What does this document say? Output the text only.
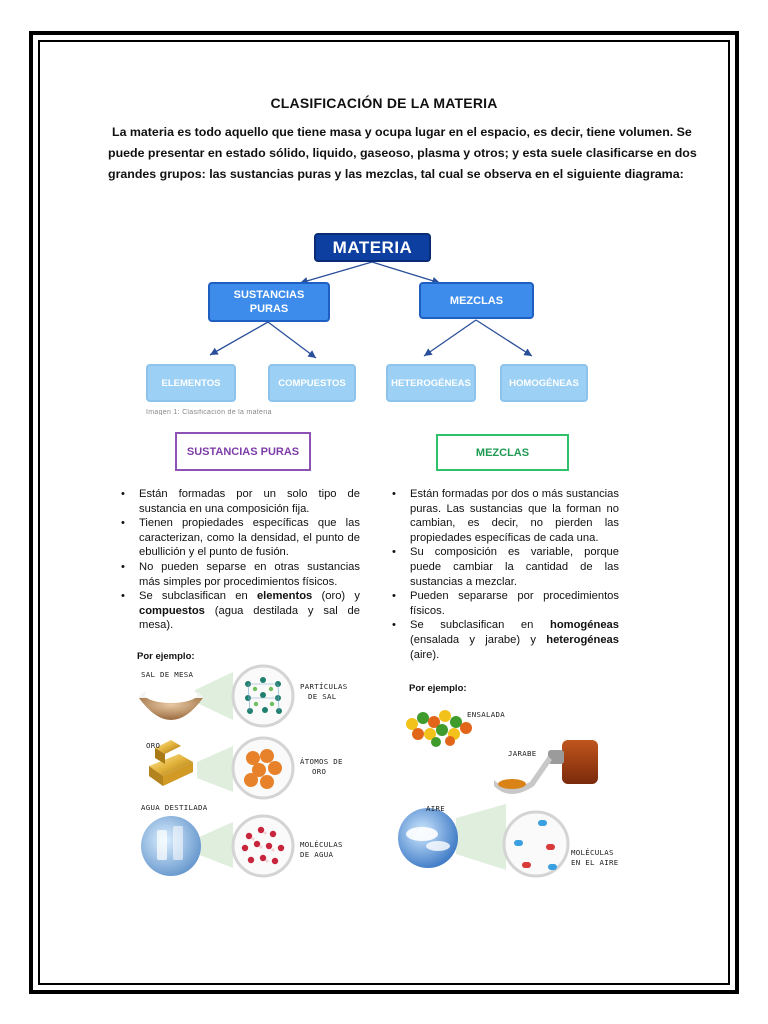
CLASIFICACIÓN DE LA MATERIA
La materia es todo aquello que tiene masa y ocupa lugar en el espacio, es decir, tiene volumen. Se
puede presentar en estado sólido, liquido, gaseoso, plasma y otros; y esta suele clasificarse en dos
grandes grupos: las sustancias puras y las mezclas, tal cual se observa en el siguiente diagrama:
MATERIA
SUSTANCIAS
PURAS
MEZCLAS
ELEMENTOS	COMPUESTOS	HETEROGÉNEAS	HOMOGÉNEAS
Imagen 1: Clasificación de la materia
SUSTANCIAS PURAS	MEZCLAS
• Están formadas por un solo tipo de sustancia en una composición fija.
• Tienen propiedades específicas que las caracterizan, como la densidad, el punto de ebullición y el punto de fusión.
• No pueden separse en otras sustancias más simples por procedimientos físicos.
• Se subclasifican en elementos (oro) y compuestos (agua destilada y sal de mesa).
• Están formadas por dos o más sustancias puras. Las sustancias que la forman no cambian, es decir, no pierden las propiedades específicas de cada una.
• Su composición es variable, porque puede cambiar la cantidad de las sustancias a mezclar.
• Pueden separarse por procedimientos físicos.
• Se subclasifican en homogéneas (ensalada y jarabe) y heterogéneas (aire).
Por ejemplo:
SAL DE MESA
PARTÍCULAS
DE SAL
ORO
ÁTOMOS DE
ORO
AGUA DESTILADA
MOLÉCULAS
DE AGUA
Por ejemplo:
ENSALADA
JARABE
AIRE
MOLÉCULAS
EN EL AIRE
